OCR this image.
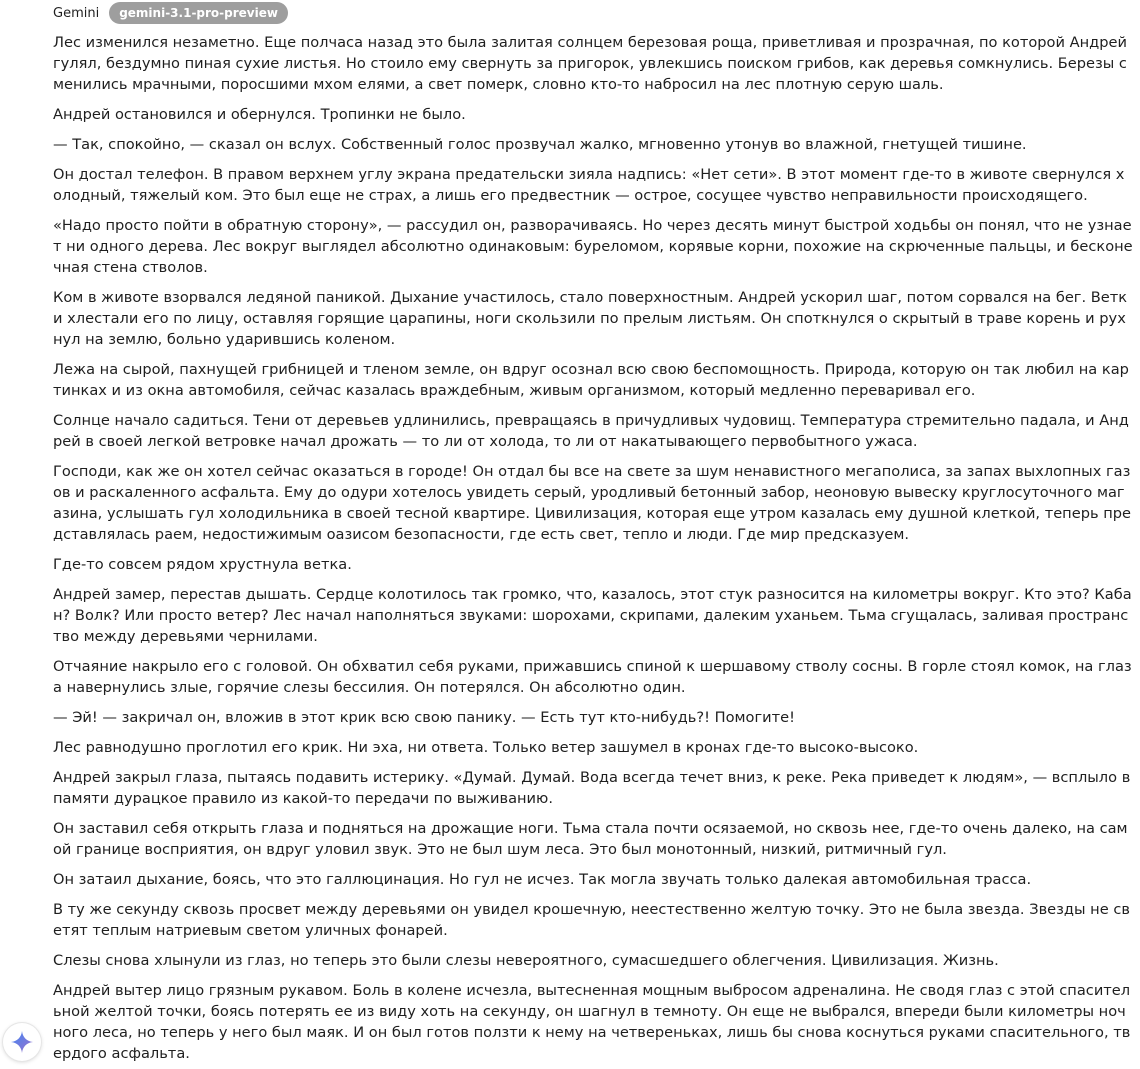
Gemini	gemini-3.1-pro-preview

Лес изменился незаметно. Еще полчаса назад это была залитая солнцем березовая роща, приветливая и прозрачная, по которой Андрей гулял, бездумно пиная сухие листья. Но стоило ему свернуть за пригорок, увлекшись поиском грибов, как деревья сомкнулись. Березы сменились мрачными, поросшими мхом елями, а свет померк, словно кто-то набросил на лес плотную серую шаль.

Андрей остановился и обернулся. Тропинки не было.

— Так, спокойно, — сказал он вслух. Собственный голос прозвучал жалко, мгновенно утонув во влажной, гнетущей тишине.

Он достал телефон. В правом верхнем углу экрана предательски зияла надпись: «Нет сети». В этот момент где-то в животе свернулся холодный, тяжелый ком. Это был еще не страх, а лишь его предвестник — острое, сосущее чувство неправильности происходящего.

«Надо просто пойти в обратную сторону», — рассудил он, разворачиваясь. Но через десять минут быстрой ходьбы он понял, что не узнает ни одного дерева. Лес вокруг выглядел абсолютно одинаковым: буреломом, корявые корни, похожие на скрюченные пальцы, и бесконечная стена стволов.

Ком в животе взорвался ледяной паникой. Дыхание участилось, стало поверхностным. Андрей ускорил шаг, потом сорвался на бег. Ветки хлестали его по лицу, оставляя горящие царапины, ноги скользили по прелым листьям. Он споткнулся о скрытый в траве корень и рухнул на землю, больно ударившись коленом.

Лежа на сырой, пахнущей грибницей и тленом земле, он вдруг осознал всю свою беспомощность. Природа, которую он так любил на картинках и из окна автомобиля, сейчас казалась враждебным, живым организмом, который медленно переваривал его.

Солнце начало садиться. Тени от деревьев удлинились, превращаясь в причудливых чудовищ. Температура стремительно падала, и Андрей в своей легкой ветровке начал дрожать — то ли от холода, то ли от накатывающего первобытного ужаса.

Господи, как же он хотел сейчас оказаться в городе! Он отдал бы все на свете за шум ненавистного мегаполиса, за запах выхлопных газов и раскаленного асфальта. Ему до одури хотелось увидеть серый, уродливый бетонный забор, неоновую вывеску круглосуточного магазина, услышать гул холодильника в своей тесной квартире. Цивилизация, которая еще утром казалась ему душной клеткой, теперь представлялась раем, недостижимым оазисом безопасности, где есть свет, тепло и люди. Где мир предсказуем.

Где-то совсем рядом хрустнула ветка.

Андрей замер, перестав дышать. Сердце колотилось так громко, что, казалось, этот стук разносится на километры вокруг. Кто это? Кабан? Волк? Или просто ветер? Лес начал наполняться звуками: шорохами, скрипами, далеким уханьем. Тьма сгущалась, заливая пространство между деревьями чернилами.

Отчаяние накрыло его с головой. Он обхватил себя руками, прижавшись спиной к шершавому стволу сосны. В горле стоял комок, на глаза навернулись злые, горячие слезы бессилия. Он потерялся. Он абсолютно один.

— Эй! — закричал он, вложив в этот крик всю свою панику. — Есть тут кто-нибудь?! Помогите!

Лес равнодушно проглотил его крик. Ни эха, ни ответа. Только ветер зашумел в кронах где-то высоко-высоко.

Андрей закрыл глаза, пытаясь подавить истерику. «Думай. Думай. Вода всегда течет вниз, к реке. Река приведет к людям», — всплыло в памяти дурацкое правило из какой-то передачи по выживанию.

Он заставил себя открыть глаза и подняться на дрожащие ноги. Тьма стала почти осязаемой, но сквозь нее, где-то очень далеко, на самой границе восприятия, он вдруг уловил звук. Это не был шум леса. Это был монотонный, низкий, ритмичный гул.

Он затаил дыхание, боясь, что это галлюцинация. Но гул не исчез. Так могла звучать только далекая автомобильная трасса.

В ту же секунду сквозь просвет между деревьями он увидел крошечную, неестественно желтую точку. Это не была звезда. Звезды не светят теплым натриевым светом уличных фонарей.

Слезы снова хлынули из глаз, но теперь это были слезы невероятного, сумасшедшего облегчения. Цивилизация. Жизнь.

Андрей вытер лицо грязным рукавом. Боль в колене исчезла, вытесненная мощным выбросом адреналина. Не сводя глаз с этой спасительной желтой точки, боясь потерять ее из виду хоть на секунду, он шагнул в темноту. Он еще не выбрался, впереди были километры ночного леса, но теперь у него был маяк. И он был готов ползти к нему на четвереньках, лишь бы снова коснуться руками спасительного, твердого асфальта.
